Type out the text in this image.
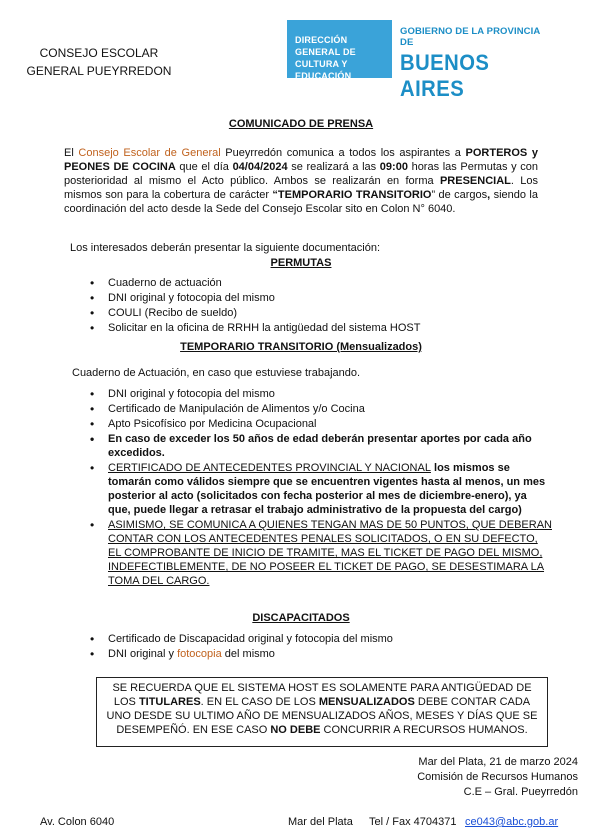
CONSEJO ESCOLAR
GENERAL PUEYRREDON
DIRECCIÓN GENERAL DE
CULTURA Y EDUCACIÓN
GOBIERNO DE LA PROVINCIA DE
BUENOS AIRES
COMUNICADO DE PRENSA
El Consejo Escolar de General Pueyrredón comunica a todos los aspirantes a PORTEROS y PEONES DE COCINA que el día 04/04/2024 se realizará a las 09:00 horas las Permutas y con posterioridad al mismo el Acto público. Ambos se realizarán en forma PRESENCIAL. Los mismos son para la cobertura de carácter “TEMPORARIO TRANSITORIO” de cargos, siendo la coordinación del acto desde la Sede del Consejo Escolar sito en Colon N° 6040.
Los interesados deberán presentar la siguiente documentación:
PERMUTAS
• Cuaderno de actuación
• DNI original y fotocopia del mismo
• COULI (Recibo de sueldo)
• Solicitar en la oficina de RRHH la antigüedad del sistema HOST
TEMPORARIO TRANSITORIO (Mensualizados)
Cuaderno de Actuación, en caso que estuviese trabajando.
• DNI original y fotocopia del mismo
• Certificado de Manipulación de Alimentos y/o Cocina
• Apto Psicofísico por Medicina Ocupacional
• En caso de exceder los 50 años de edad deberán presentar aportes por cada año excedidos.
• CERTIFICADO DE ANTECEDENTES PROVINCIAL Y NACIONAL los mismos se tomarán como válidos siempre que se encuentren vigentes hasta al menos, un mes posterior al acto (solicitados con fecha posterior al mes de diciembre-enero), ya que, puede llegar a retrasar el trabajo administrativo de la propuesta del cargo)
• ASIMISMO, SE COMUNICA A QUIENES TENGAN MAS DE 50 PUNTOS, QUE DEBERAN CONTAR CON LOS ANTECEDENTES PENALES SOLICITADOS, O EN SU DEFECTO, EL COMPROBANTE DE INICIO DE TRAMITE, MAS EL TICKET DE PAGO DEL MISMO, INDEFECTIBLEMENTE, DE NO POSEER EL TICKET DE PAGO, SE DESESTIMARA LA TOMA DEL CARGO.
DISCAPACITADOS
• Certificado de Discapacidad original y fotocopia del mismo
• DNI original y fotocopia del mismo
SE RECUERDA QUE EL SISTEMA HOST ES SOLAMENTE PARA ANTIGÜEDAD DE LOS TITULARES. EN EL CASO DE LOS MENSUALIZADOS DEBE CONTAR CADA UNO DESDE SU ULTIMO AÑO DE MENSUALIZADOS AÑOS, MESES Y DÍAS QUE SE DESEMPEÑÓ. EN ESE CASO NO DEBE CONCURRIR A RECURSOS HUMANOS.
Mar del Plata, 21 de marzo 2024
Comisión de Recursos Humanos
C.E – Gral. Pueyrredón
Av. Colon 6040	Mar del Plata Tel / Fax 4704371 ce043@abc.gob.ar
